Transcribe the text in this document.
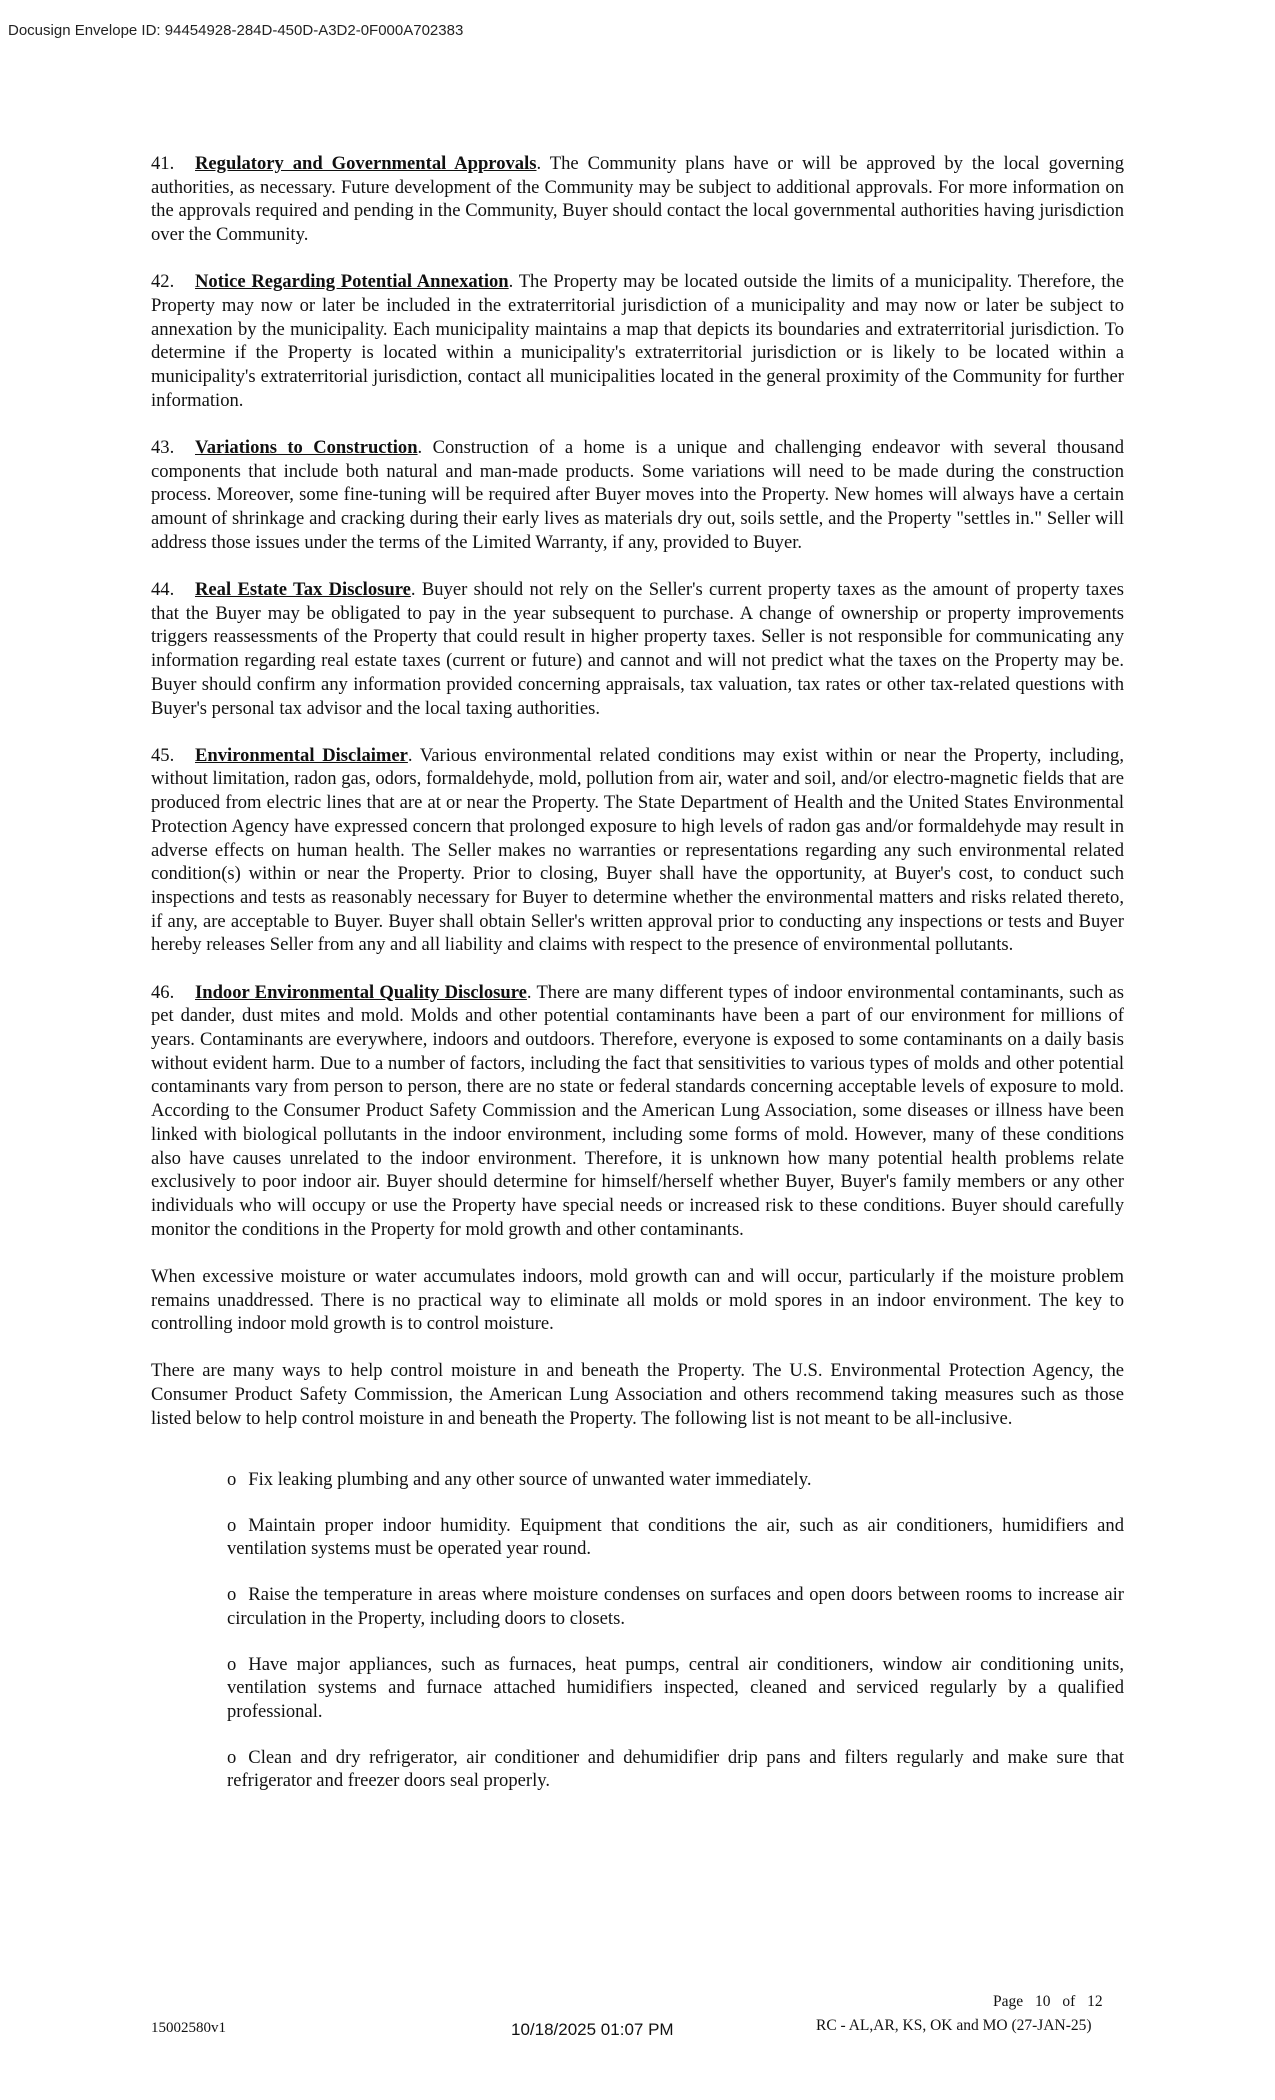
Docusign Envelope ID: 94454928-284D-450D-A3D2-0F000A702383

41. Regulatory and Governmental Approvals. The Community plans have or will be approved by the local governing authorities, as necessary. Future development of the Community may be subject to additional approvals. For more information on the approvals required and pending in the Community, Buyer should contact the local governmental authorities having jurisdiction over the Community.

42. Notice Regarding Potential Annexation. The Property may be located outside the limits of a municipality. Therefore, the Property may now or later be included in the extraterritorial jurisdiction of a municipality and may now or later be subject to annexation by the municipality. Each municipality maintains a map that depicts its boundaries and extraterritorial jurisdiction. To determine if the Property is located within a municipality's extraterritorial jurisdiction or is likely to be located within a municipality's extraterritorial jurisdiction, contact all municipalities located in the general proximity of the Community for further information.

43. Variations to Construction. Construction of a home is a unique and challenging endeavor with several thousand components that include both natural and man-made products. Some variations will need to be made during the construction process. Moreover, some fine-tuning will be required after Buyer moves into the Property. New homes will always have a certain amount of shrinkage and cracking during their early lives as materials dry out, soils settle, and the Property "settles in." Seller will address those issues under the terms of the Limited Warranty, if any, provided to Buyer.

44. Real Estate Tax Disclosure. Buyer should not rely on the Seller's current property taxes as the amount of property taxes that the Buyer may be obligated to pay in the year subsequent to purchase. A change of ownership or property improvements triggers reassessments of the Property that could result in higher property taxes. Seller is not responsible for communicating any information regarding real estate taxes (current or future) and cannot and will not predict what the taxes on the Property may be. Buyer should confirm any information provided concerning appraisals, tax valuation, tax rates or other tax-related questions with Buyer's personal tax advisor and the local taxing authorities.

45. Environmental Disclaimer. Various environmental related conditions may exist within or near the Property, including, without limitation, radon gas, odors, formaldehyde, mold, pollution from air, water and soil, and/or electro-magnetic fields that are produced from electric lines that are at or near the Property. The State Department of Health and the United States Environmental Protection Agency have expressed concern that prolonged exposure to high levels of radon gas and/or formaldehyde may result in adverse effects on human health. The Seller makes no warranties or representations regarding any such environmental related condition(s) within or near the Property. Prior to closing, Buyer shall have the opportunity, at Buyer's cost, to conduct such inspections and tests as reasonably necessary for Buyer to determine whether the environmental matters and risks related thereto, if any, are acceptable to Buyer. Buyer shall obtain Seller's written approval prior to conducting any inspections or tests and Buyer hereby releases Seller from any and all liability and claims with respect to the presence of environmental pollutants.

46. Indoor Environmental Quality Disclosure. There are many different types of indoor environmental contaminants, such as pet dander, dust mites and mold. Molds and other potential contaminants have been a part of our environment for millions of years. Contaminants are everywhere, indoors and outdoors. Therefore, everyone is exposed to some contaminants on a daily basis without evident harm. Due to a number of factors, including the fact that sensitivities to various types of molds and other potential contaminants vary from person to person, there are no state or federal standards concerning acceptable levels of exposure to mold. According to the Consumer Product Safety Commission and the American Lung Association, some diseases or illness have been linked with biological pollutants in the indoor environment, including some forms of mold. However, many of these conditions also have causes unrelated to the indoor environment. Therefore, it is unknown how many potential health problems relate exclusively to poor indoor air. Buyer should determine for himself/herself whether Buyer, Buyer's family members or any other individuals who will occupy or use the Property have special needs or increased risk to these conditions. Buyer should carefully monitor the conditions in the Property for mold growth and other contaminants.

When excessive moisture or water accumulates indoors, mold growth can and will occur, particularly if the moisture problem remains unaddressed. There is no practical way to eliminate all molds or mold spores in an indoor environment. The key to controlling indoor mold growth is to control moisture.

There are many ways to help control moisture in and beneath the Property. The U.S. Environmental Protection Agency, the Consumer Product Safety Commission, the American Lung Association and others recommend taking measures such as those listed below to help control moisture in and beneath the Property. The following list is not meant to be all-inclusive.

o Fix leaking plumbing and any other source of unwanted water immediately.
o Maintain proper indoor humidity. Equipment that conditions the air, such as air conditioners, humidifiers and ventilation systems must be operated year round.
o Raise the temperature in areas where moisture condenses on surfaces and open doors between rooms to increase air circulation in the Property, including doors to closets.
o Have major appliances, such as furnaces, heat pumps, central air conditioners, window air conditioning units, ventilation systems and furnace attached humidifiers inspected, cleaned and serviced regularly by a qualified professional.
o Clean and dry refrigerator, air conditioner and dehumidifier drip pans and filters regularly and make sure that refrigerator and freezer doors seal properly.
Page 10 of 12
15002580v1	10/18/2025 01:07 PM	RC - AL,AR, KS, OK and MO (27-JAN-25)
